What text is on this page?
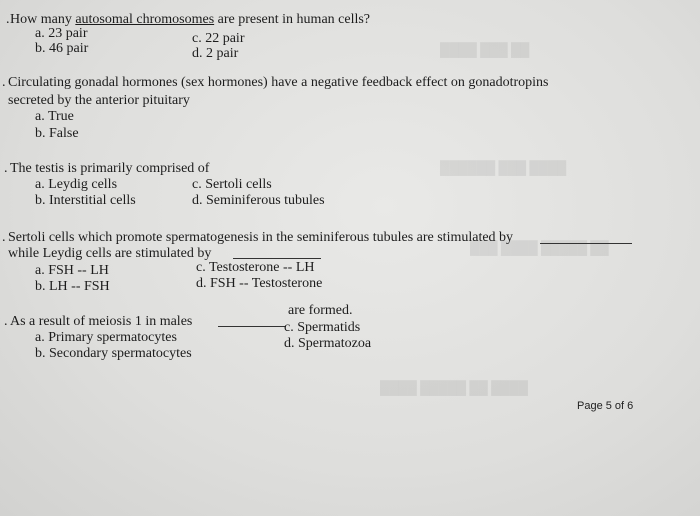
████ ███ ██
██████ ███ ████
███ ████ █████ ██
████ █████ ██ ████
. How many autosomal chromosomes are present in human cells?
a. 23 pair
b. 46 pair
c. 22 pair
d. 2 pair
. Circulating gonadal hormones (sex hormones) have a negative feedback effect on gonadotropins
secreted by the anterior pituitary
a. True
b. False
. The testis is primarily comprised of
a. Leydig cells
b. Interstitial cells
c. Sertoli cells
d. Seminiferous tubules
. Sertoli cells which promote spermatogenesis in the seminiferous tubules are stimulated by
while Leydig cells are stimulated by
a. FSH -- LH
b. LH -- FSH
c. Testosterone -- LH
d. FSH -- Testosterone
. As a result of meiosis 1 in males
are formed.
a. Primary spermatocytes
b. Secondary spermatocytes
c. Spermatids
d. Spermatozoa
Page 5 of 6
